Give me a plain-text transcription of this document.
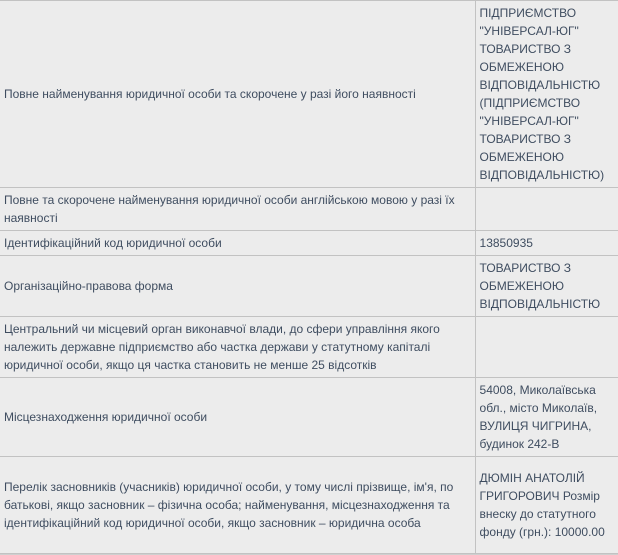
Повне найменування юридичної особи та скорочене у разі його наявності	ПІДПРИЄМСТВО "УНІВЕРСАЛ-ЮГ" ТОВАРИСТВО З ОБМЕЖЕНОЮ ВІДПОВІДАЛЬНІСТЮ (ПІДПРИЄМСТВО "УНІВЕРСАЛ-ЮГ" ТОВАРИСТВО З ОБМЕЖЕНОЮ ВІДПОВІДАЛЬНІСТЮ)
Повне та скорочене найменування юридичної особи англійською мовою у разі їх наявності	
Ідентифікаційний код юридичної особи	13850935
Організаційно-правова форма	ТОВАРИСТВО З ОБМЕЖЕНОЮ ВІДПОВІДАЛЬНІСТЮ
Центральний чи місцевий орган виконавчої влади, до сфери управління якого належить державне підприємство або частка держави у статутному капіталі юридичної особи, якщо ця частка становить не менше 25 відсотків	
Місцезнаходження юридичної особи	54008, Миколаївська обл., місто Миколаїв, ВУЛИЦЯ ЧИГРИНА, будинок 242-В
Перелік засновників (учасників) юридичної особи, у тому числі прізвище, ім'я, по батькові, якщо засновник – фізична особа; найменування, місцезнаходження та ідентифікаційний код юридичної особи, якщо засновник – юридична особа	ДЮМІН АНАТОЛІЙ ГРИГОРОВИЧ Розмір внеску до статутного фонду (грн.): 10000.00
